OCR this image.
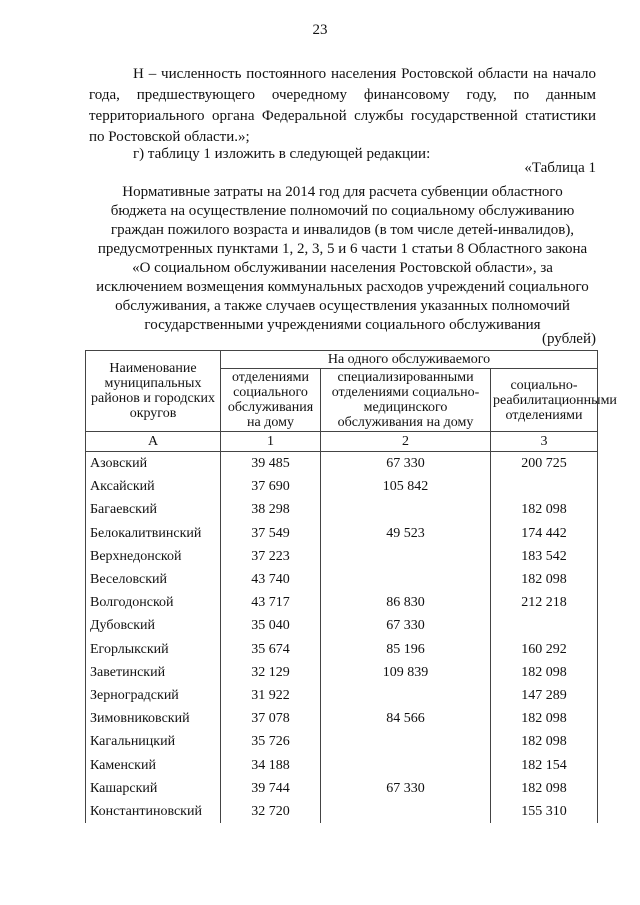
23
Н – численность постоянного населения Ростовской области на начало года, предшествующего очередному финансовому году, по данным территориального органа Федеральной службы государственной статистики по Ростовской области.»;
г) таблицу 1 изложить в следующей редакции:
«Таблица 1
Нормативные затраты на 2014 год для расчета субвенции областного
бюджета на осуществление полномочий по социальному обслуживанию
граждан пожилого возраста и инвалидов (в том числе детей-инвалидов),
предусмотренных пунктами 1, 2, 3, 5 и 6 части 1 статьи 8 Областного закона
«О социальном обслуживании населения Ростовской области», за
исключением возмещения коммунальных расходов учреждений социального
обслуживания, а также случаев осуществления указанных полномочий
государственными учреждениями социального обслуживания
(рублей)
Наименование муниципальных районов и городских округов	На одного обслуживаемого		
	отделениями социального обслуживания на дому	специализированными отделениями социально-медицинского обслуживания на дому	социально-реабилитационными отделениями
А	1	2	3
Азовский	39 485	67 330	200 725
Аксайский	37 690	105 842	
Багаевский	38 298		182 098
Белокалитвинский	37 549	49 523	174 442
Верхнедонской	37 223		183 542
Веселовский	43 740		182 098
Волгодонской	43 717	86 830	212 218
Дубовский	35 040	67 330	
Егорлыкский	35 674	85 196	160 292
Заветинский	32 129	109 839	182 098
Зерноградский	31 922		147 289
Зимовниковский	37 078	84 566	182 098
Кагальницкий	35 726		182 098
Каменский	34 188		182 154
Кашарский	39 744	67 330	182 098
Константиновский	32 720		155 310
